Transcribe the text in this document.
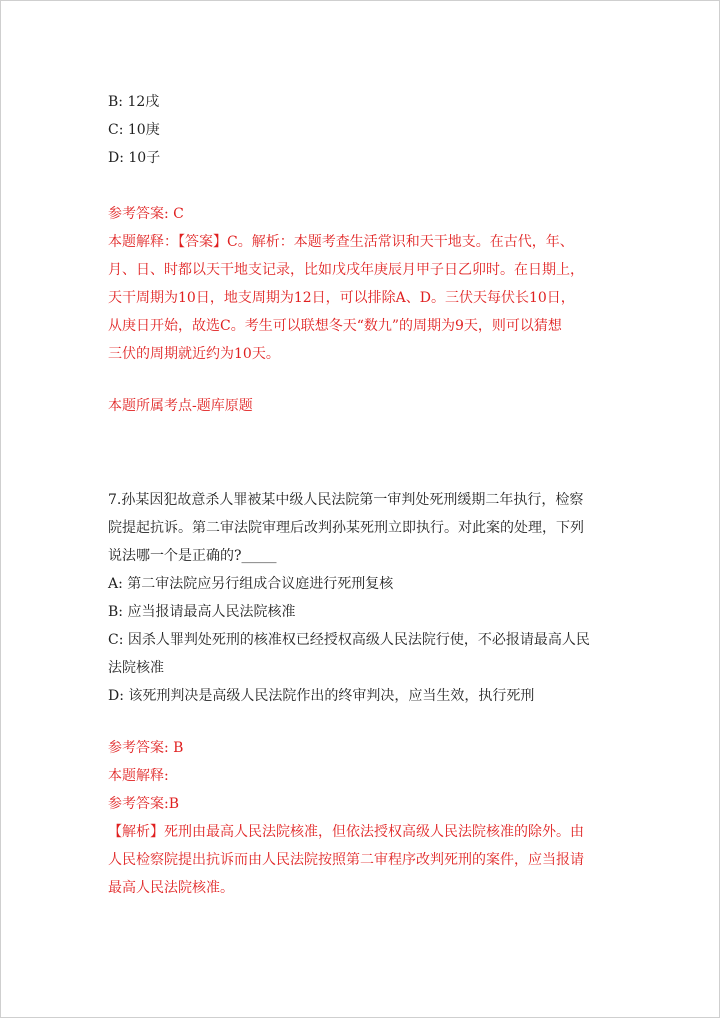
B: 12戌
C: 10庚
D: 10子
参考答案: C
本题解释：【答案】C。解析：本题考查生活常识和天干地支。在古代，年、
月、日、时都以天干地支记录，比如戊戌年庚辰月甲子日乙卯时。在日期上，
天干周期为10日，地支周期为12日，可以排除A、D。三伏天每伏长10日，
从庚日开始，故选C。考生可以联想冬天“数九”的周期为9天，则可以猜想
三伏的周期就近约为10天。
本题所属考点-题库原题
7.孙某因犯故意杀人罪被某中级人民法院第一审判处死刑缓期二年执行，检察
院提起抗诉。第二审法院审理后改判孙某死刑立即执行。对此案的处理，下列
说法哪一个是正确的?_____
A: 第二审法院应另行组成合议庭进行死刑复核
B: 应当报请最高人民法院核准
C: 因杀人罪判处死刑的核准权已经授权高级人民法院行使，不必报请最高人民
法院核准
D: 该死刑判决是高级人民法院作出的终审判决，应当生效，执行死刑
参考答案: B
本题解释:
参考答案:B
【解析】死刑由最高人民法院核准，但依法授权高级人民法院核准的除外。由
人民检察院提出抗诉而由人民法院按照第二审程序改判死刑的案件，应当报请
最高人民法院核准。
